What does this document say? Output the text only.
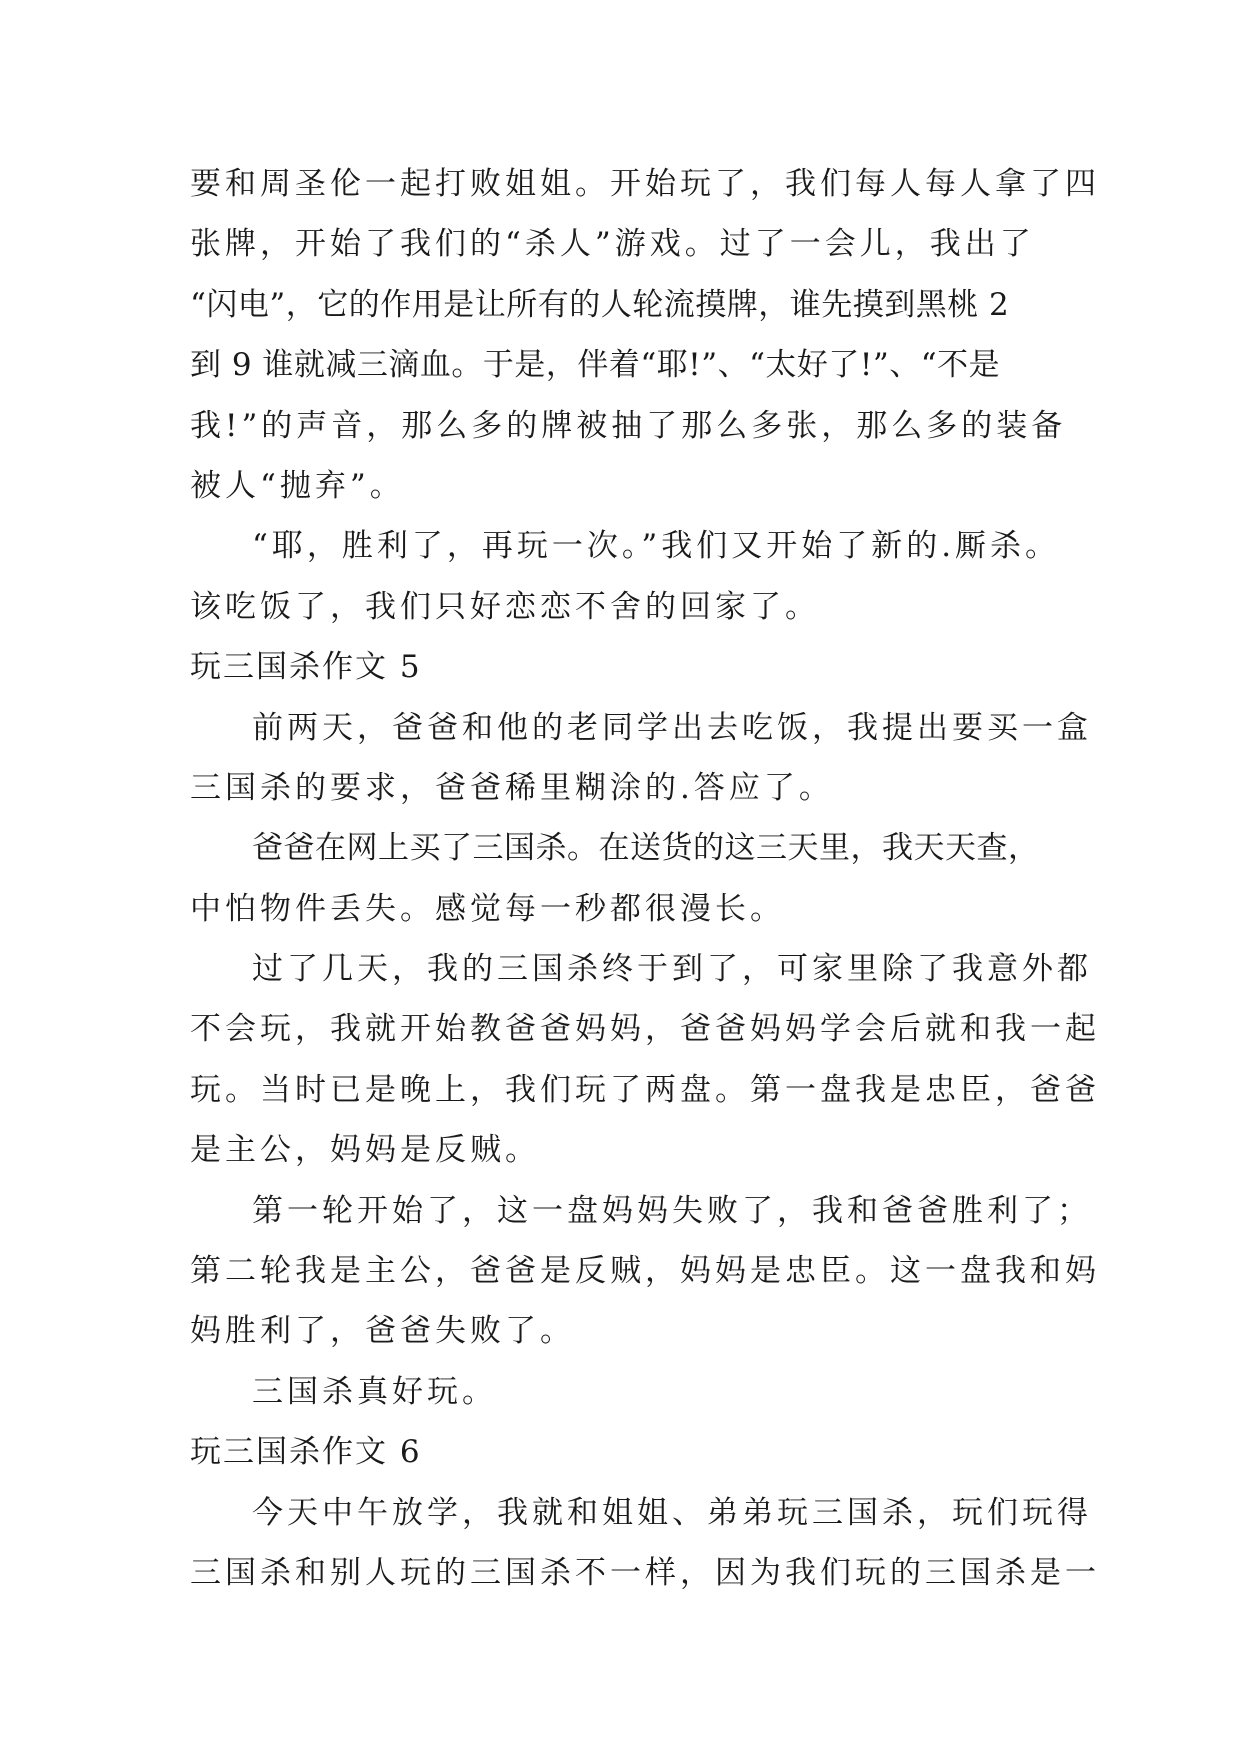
要和周圣伦一起打败姐姐。开始玩了，我们每人每人拿了四
张牌，开始了我们的“杀人”游戏。过了一会儿，我出了
“闪电”，它的作用是让所有的人轮流摸牌，谁先摸到黑桃 2
到 9 谁就减三滴血。于是，伴着“耶!”、“太好了!”、“不是
我!”的声音，那么多的牌被抽了那么多张，那么多的装备
被人“抛弃”。
“耶，胜利了，再玩一次。”我们又开始了新的.厮杀。
该吃饭了，我们只好恋恋不舍的回家了。
玩三国杀作文 5
前两天，爸爸和他的老同学出去吃饭，我提出要买一盒
三国杀的要求，爸爸稀里糊涂的.答应了。
爸爸在网上买了三国杀。在送货的这三天里，我天天查，
中怕物件丢失。感觉每一秒都很漫长。
过了几天，我的三国杀终于到了，可家里除了我意外都
不会玩，我就开始教爸爸妈妈，爸爸妈妈学会后就和我一起
玩。当时已是晚上，我们玩了两盘。第一盘我是忠臣，爸爸
是主公，妈妈是反贼。
第一轮开始了，这一盘妈妈失败了，我和爸爸胜利了；
第二轮我是主公，爸爸是反贼，妈妈是忠臣。这一盘我和妈
妈胜利了，爸爸失败了。
三国杀真好玩。
玩三国杀作文 6
今天中午放学，我就和姐姐、弟弟玩三国杀，玩们玩得
三国杀和别人玩的三国杀不一样，因为我们玩的三国杀是一
